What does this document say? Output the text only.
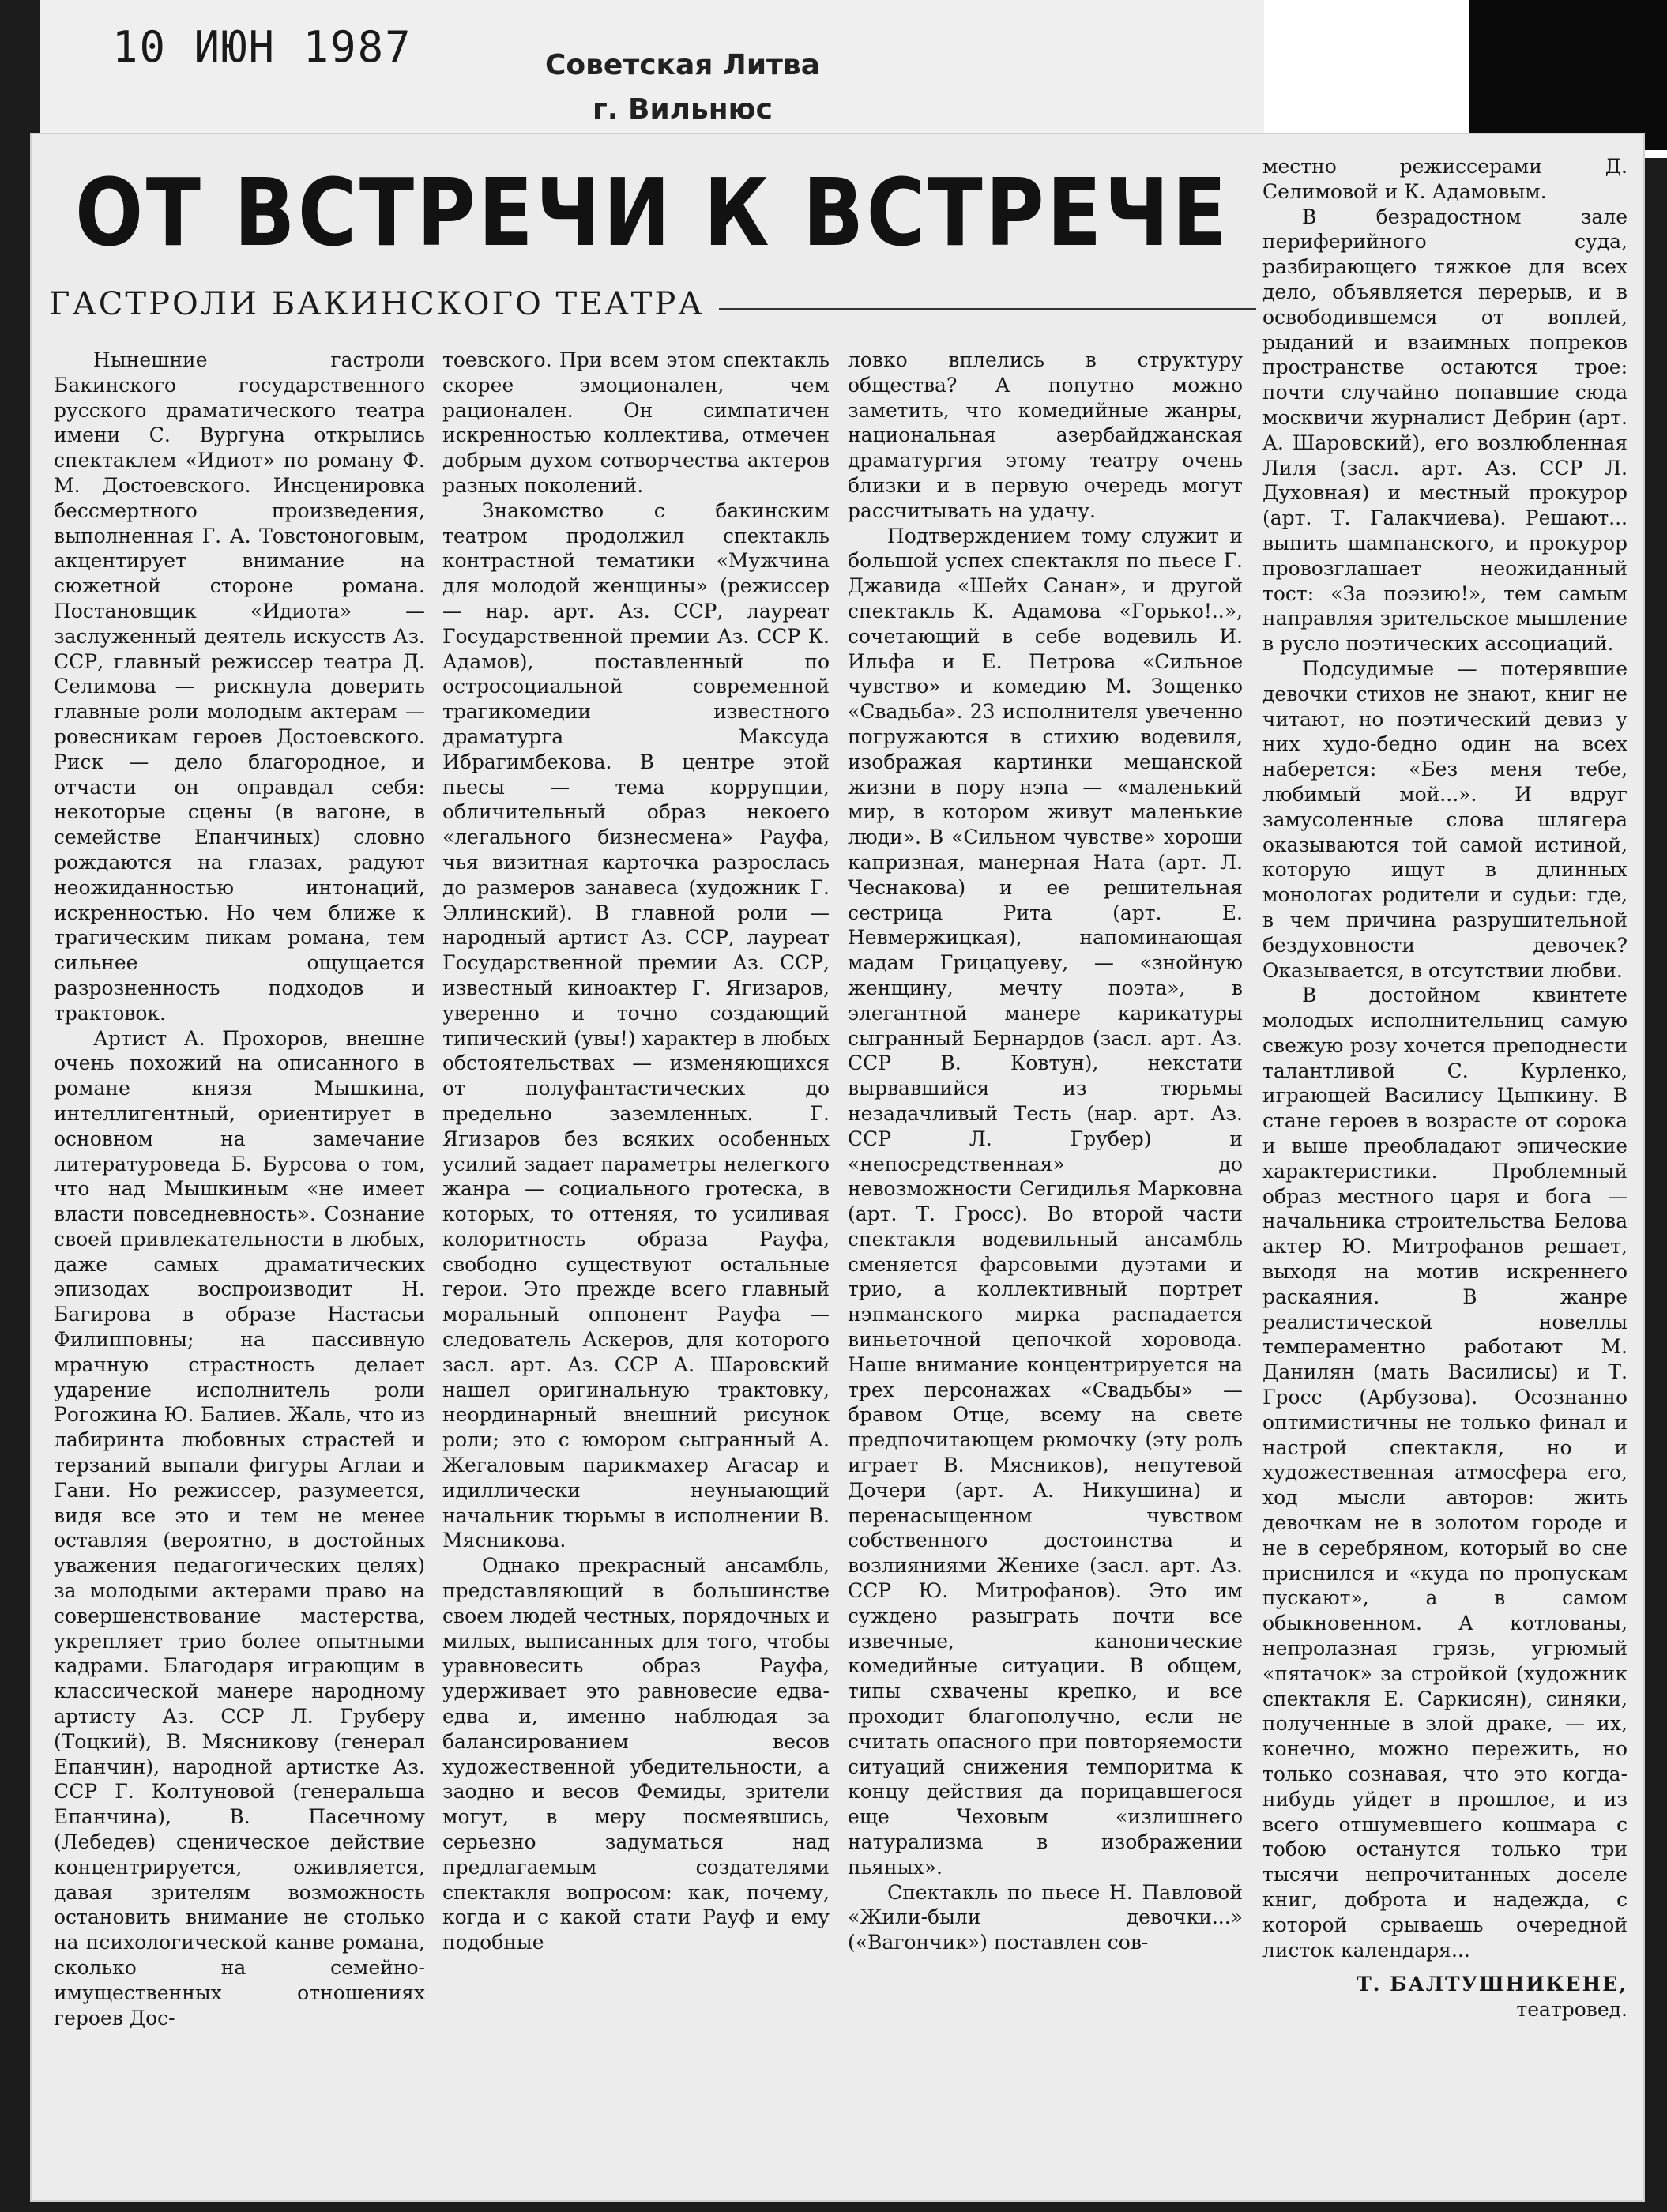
10 ИЮН 1987	Советская Литва
г. Вильнюс
ОТ ВСТРЕЧИ К ВСТРЕЧЕ
ГАСТРОЛИ БАКИНСКОГО ТЕАТРА

Нынешние гастроли Бакинского государственного русского драматического театра имени С. Вургуна открылись спектаклем «Идиот» по роману Ф. М. Достоевского. Инсценировка бессмертного произведения, выполненная Г. А. Товстоноговым, акцентирует внимание на сюжетной стороне романа. Постановщик «Идиота» — заслуженный деятель искусств Аз. ССР, главный режиссер театра Д. Селимова — рискнула доверить главные роли молодым актерам — ровесникам героев Достоевского. Риск — дело благородное, и отчасти он оправдал себя: некоторые сцены (в вагоне, в семействе Епанчиных) словно рождаются на глазах, радуют неожиданностью интонаций, искренностью. Но чем ближе к трагическим пикам романа, тем сильнее ощущается разрозненность подходов и трактовок.

Артист А. Прохоров, внешне очень похожий на описанного в романе князя Мышкина, интеллигентный, ориентирует в основном на замечание литературоведа Б. Бурсова о том, что над Мышкиным «не имеет власти повседневность». Сознание своей привлекательности в любых, даже самых драматических эпизодах воспроизводит Н. Багирова в образе Настасьи Филипповны; на пассивную мрачную страстность делает ударение исполнитель роли Рогожина Ю. Балиев. Жаль, что из лабиринта любовных страстей и терзаний выпали фигуры Аглаи и Гани. Но режиссер, разумеется, видя все это и тем не менее оставляя (вероятно, в достойных уважения педагогических целях) за молодыми актерами право на совершенствование мастерства, укрепляет трио более опытными кадрами. Благодаря играющим в классической манере народному артисту Аз. ССР Л. Груберу (Тоцкий), В. Мясникову (генерал Епанчин), народной артистке Аз. ССР Г. Колтуновой (генеральша Епанчина), В. Пасечному (Лебедев) сценическое действие концентрируется, оживляется, давая зрителям возможность остановить внимание не столько на психологической канве романа, сколько на семейно-имущественных отношениях героев Дос-

тоевского. При всем этом спектакль скорее эмоционален, чем рационален. Он симпатичен искренностью коллектива, отмечен добрым духом сотворчества актеров разных поколений.

Знакомство с бакинским театром продолжил спектакль контрастной тематики «Мужчина для молодой женщины» (режиссер — нар. арт. Аз. ССР, лауреат Государственной премии Аз. ССР К. Адамов), поставленный по остросоциальной современной трагикомедии известного драматурга Максуда Ибрагимбекова. В центре этой пьесы — тема коррупции, обличительный образ некоего «легального бизнесмена» Рауфа, чья визитная карточка разрослась до размеров занавеса (художник Г. Эллинский). В главной роли — народный артист Аз. ССР, лауреат Государственной премии Аз. ССР, известный киноактер Г. Ягизаров, уверенно и точно создающий типический (увы!) характер в любых обстоятельствах — изменяющихся от полуфантастических до предельно заземленных. Г. Ягизаров без всяких особенных усилий задает параметры нелегкого жанра — социального гротеска, в которых, то оттеняя, то усиливая колоритность образа Рауфа, свободно существуют остальные герои. Это прежде всего главный моральный оппонент Рауфа — следователь Аскеров, для которого засл. арт. Аз. ССР А. Шаровский нашел оригинальную трактовку, неординарный внешний рисунок роли; это с юмором сыгранный А. Жегаловым парикмахер Агасар и идиллически неуныающий начальник тюрьмы в исполнении В. Мясникова.

Однако прекрасный ансамбль, представляющий в большинстве своем людей честных, порядочных и милых, выписанных для того, чтобы уравновесить образ Рауфа, удерживает это равновесие едва-едва и, именно наблюдая за балансированием весов художественной убедительности, а заодно и весов Фемиды, зрители могут, в меру посмеявшись, серьезно задуматься над предлагаемым создателями спектакля вопросом: как, почему, когда и с какой стати Рауф и ему подобные

ловко вплелись в структуру общества? А попутно можно заметить, что комедийные жанры, национальная азербайджанская драматургия этому театру очень близки и в первую очередь могут рассчитывать на удачу.

Подтверждением тому служит и большой успех спектакля по пьесе Г. Джавида «Шейх Санан», и другой спектакль К. Адамова «Горько!..», сочетающий в себе водевиль И. Ильфа и Е. Петрова «Сильное чувство» и комедию М. Зощенко «Свадьба». 23 исполнителя увеченно погружаются в стихию водевиля, изображая картинки мещанской жизни в пору нэпа — «маленький мир, в котором живут маленькие люди». В «Сильном чувстве» хороши капризная, манерная Ната (арт. Л. Чеснакова) и ее решительная сестрица Рита (арт. Е. Невмержицкая), напоминающая мадам Грицацуеву, — «знойную женщину, мечту поэта», в элегантной манере карикатуры сыгранный Бернардов (засл. арт. Аз. ССР В. Ковтун), некстати вырвавшийся из тюрьмы незадачливый Тесть (нар. арт. Аз. ССР Л. Грубер) и «непосредственная» до невозможности Сегидилья Марковна (арт. Т. Гросс). Во второй части спектакля водевильный ансамбль сменяется фарсовыми дуэтами и трио, а коллективный портрет нэпманского мирка распадается виньеточной цепочкой хоровода. Наше внимание концентрируется на трех персонажах «Свадьбы» — бравом Отце, всему на свете предпочитающем рюмочку (эту роль играет В. Мясников), непутевой Дочери (арт. А. Никушина) и перенасыщенном чувством собственного достоинства и возлияниями Женихе (засл. арт. Аз. ССР Ю. Митрофанов). Это им суждено разыграть почти все извечные, канонические комедийные ситуации. В общем, типы схвачены крепко, и все проходит благополучно, если не считать опасного при повторяемости ситуаций снижения темпоритма к концу действия да порицавшегося еще Чеховым «излишнего натурализма в изображении пьяных».

Спектакль по пьесе Н. Павловой «Жили-были девочки...» («Вагончик») поставлен сов-

местно режиссерами Д. Селимовой и К. Адамовым.

В безрадостном зале периферийного суда, разбирающего тяжкое для всех дело, объявляется перерыв, и в освободившемся от воплей, рыданий и взаимных попреков пространстве остаются трое: почти случайно попавшие сюда москвичи журналист Дебрин (арт. А. Шаровский), его возлюбленная Лиля (засл. арт. Аз. ССР Л. Духовная) и местный прокурор (арт. Т. Галакчиева). Решают... выпить шампанского, и прокурор провозглашает неожиданный тост: «За поэзию!», тем самым направляя зрительское мышление в русло поэтических ассоциаций.

Подсудимые — потерявшие девочки стихов не знают, книг не читают, но поэтический девиз у них худо-бедно один на всех наберется: «Без меня тебе, любимый мой...». И вдруг замусоленные слова шлягера оказываются той самой истиной, которую ищут в длинных монологах родители и судьи: где, в чем причина разрушительной бездуховности девочек? Оказывается, в отсутствии любви.

В достойном квинтете молодых исполнительниц самую свежую розу хочется преподнести талантливой С. Курленко, играющей Василису Цыпкину. В стане героев в возрасте от сорока и выше преобладают эпические характеристики. Проблемный образ местного царя и бога — начальника строительства Белова актер Ю. Митрофанов решает, выходя на мотив искреннего раскаяния. В жанре реалистической новеллы темпераментно работают М. Данилян (мать Василисы) и Т. Гросс (Арбузова). Осознанно оптимистичны не только финал и настрой спектакля, но и художественная атмосфера его, ход мысли авторов: жить девочкам не в золотом городе и не в серебряном, который во сне приснился и «куда по пропускам пускают», а в самом обыкновенном. А котлованы, непролазная грязь, угрюмый «пятачок» за стройкой (художник спектакля Е. Саркисян), синяки, полученные в злой драке, — их, конечно, можно пережить, но только сознавая, что это когда-нибудь уйдет в прошлое, и из всего отшумевшего кошмара с тобою останутся только три тысячи непрочитанных доселе книг, доброта и надежда, с которой срываешь очередной листок календаря...

Т. БАЛТУШНИКЕНЕ,
театровед.
